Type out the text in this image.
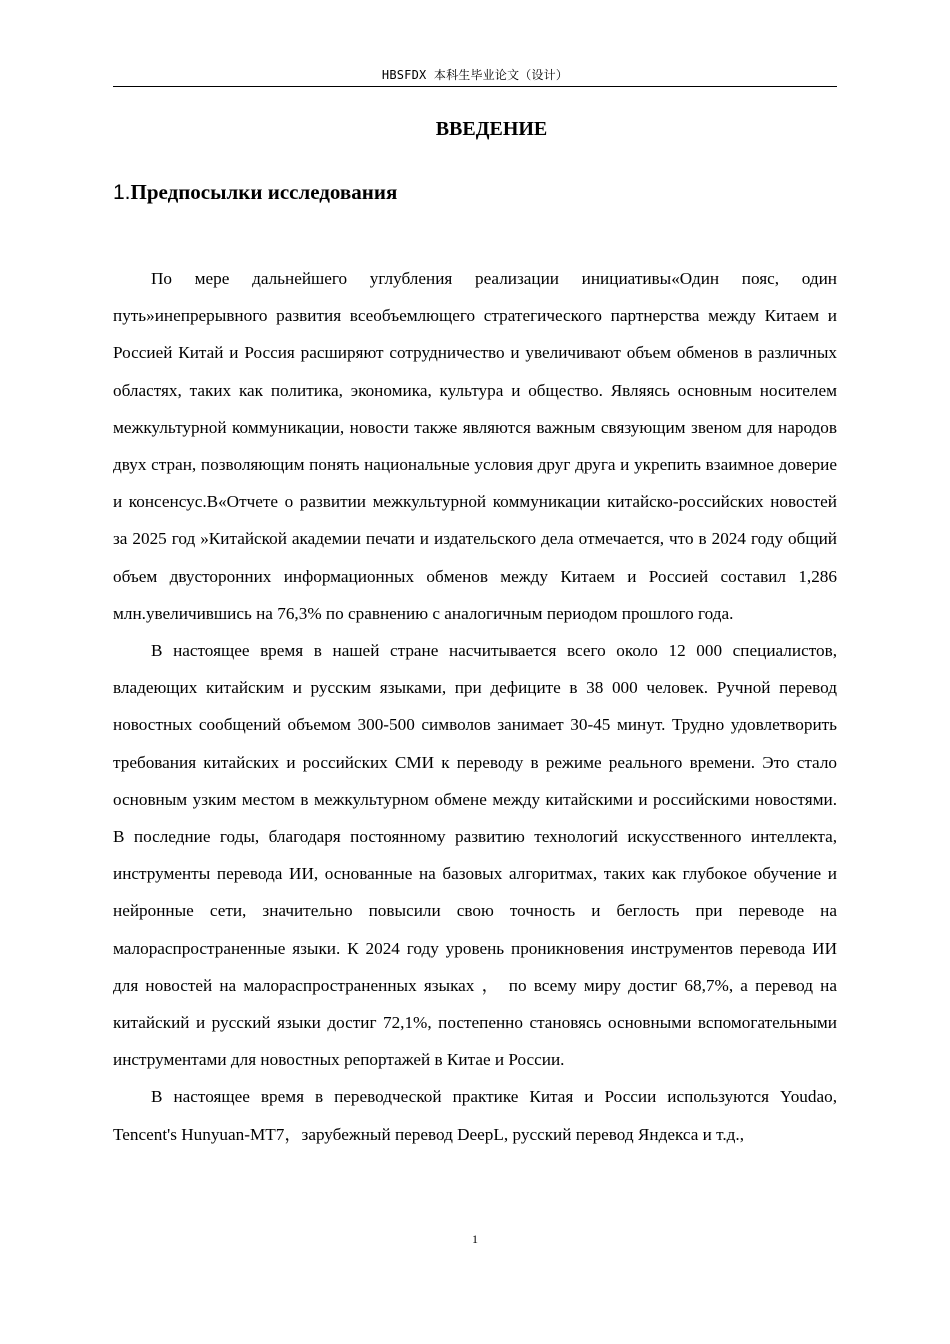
HBSFDX 本科生毕业论文（设计）
ВВЕДЕНИЕ
1.Предпосылки исследования

По мере дальнейшего углубления реализации инициативы«Один пояс, один путь»инепрерывного развития всеобъемлющего стратегического партнерства между Китаем и Россией Китай и Россия расширяют сотрудничество и увеличивают объем обменов в различных областях, таких как политика, экономика, культура и общество. Являясь основным носителем межкультурной коммуникации, новости также являются важным связующим звеном для народов двух стран, позволяющим понять национальные условия друг друга и укрепить взаимное доверие и консенсус.В«Отчете о развитии межкультурной коммуникации китайско-российских новостей за 2025 год »Китайской академии печати и издательского дела отмечается, что в 2024 году общий объем двусторонних информационных обменов между Китаем и Россией составил 1,286 млн.увеличившись на 76,3% по сравнению с аналогичным периодом прошлого года.

В настоящее время в нашей стране насчитывается всего около 12 000 специалистов, владеющих китайским и русским языками, при дефиците в 38 000 человек. Ручной перевод новостных сообщений объемом 300-500 символов занимает 30-45 минут. Трудно удовлетворить требования китайских и российских СМИ к переводу в режиме реального времени. Это стало основным узким местом в межкультурном обмене между китайскими и российскими новостями. В последние годы, благодаря постоянному развитию технологий искусственного интеллекта, инструменты перевода ИИ, основанные на базовых алгоритмах, таких как глубокое обучение и нейронные сети, значительно повысили свою точность и беглость при переводе на малораспространенные языки. К 2024 году уровень проникновения инструментов перевода ИИ для новостей на малораспространенных языках ， по всему миру достиг 68,7%, а перевод на китайский и русский языки достиг 72,1%, постепенно становясь основными вспомогательными инструментами для новостных репортажей в Китае и России.

В настоящее время в переводческой практике Китая и России используются Youdao, Tencent's Hunyuan-MT7，зарубежный перевод DeepL, русский перевод Яндекса и т.д.,

1
